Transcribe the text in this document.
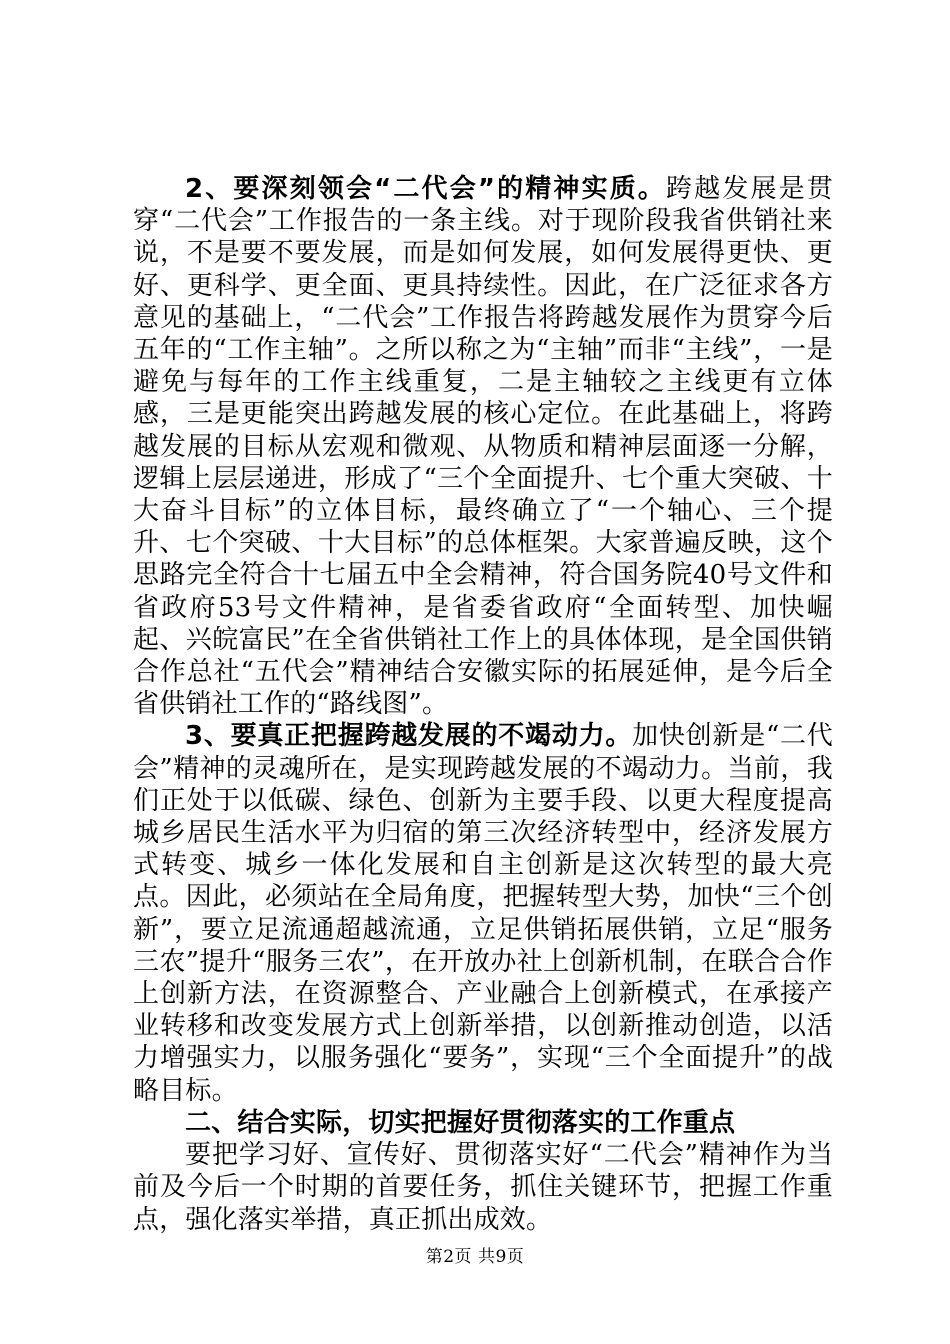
2、要深刻领会“二代会”的精神实质。跨越发展是贯穿“二代会”工作报告的一条主线。对于现阶段我省供销社来说，不是要不要发展，而是如何发展，如何发展得更快、更好、更科学、更全面、更具持续性。因此，在广泛征求各方意见的基础上，“二代会”工作报告将跨越发展作为贯穿今后五年的“工作主轴”。之所以称之为“主轴”而非“主线”，一是避免与每年的工作主线重复，二是主轴较之主线更有立体感，三是更能突出跨越发展的核心定位。在此基础上，将跨越发展的目标从宏观和微观、从物质和精神层面逐一分解，逻辑上层层递进，形成了“三个全面提升、七个重大突破、十大奋斗目标”的立体目标，最终确立了“一个轴心、三个提升、七个突破、十大目标”的总体框架。大家普遍反映，这个思路完全符合十七届五中全会精神，符合国务院40号文件和省政府53号文件精神，是省委省政府“全面转型、加快崛起、兴皖富民”在全省供销社工作上的具体体现，是全国供销合作总社“五代会”精神结合安徽实际的拓展延伸，是今后全省供销社工作的“路线图”。

3、要真正把握跨越发展的不竭动力。加快创新是“二代会”精神的灵魂所在，是实现跨越发展的不竭动力。当前，我们正处于以低碳、绿色、创新为主要手段、以更大程度提高城乡居民生活水平为归宿的第三次经济转型中，经济发展方式转变、城乡一体化发展和自主创新是这次转型的最大亮点。因此，必须站在全局角度，把握转型大势，加快“三个创新”，要立足流通超越流通，立足供销拓展供销，立足“服务三农”提升“服务三农”，在开放办社上创新机制，在联合合作上创新方法，在资源整合、产业融合上创新模式，在承接产业转移和改变发展方式上创新举措，以创新推动创造，以活力增强实力，以服务强化“要务”，实现“三个全面提升”的战略目标。

二、结合实际，切实把握好贯彻落实的工作重点

要把学习好、宣传好、贯彻落实好“二代会”精神作为当前及今后一个时期的首要任务，抓住关键环节，把握工作重点，强化落实举措，真正抓出成效。

第2页 共9页
